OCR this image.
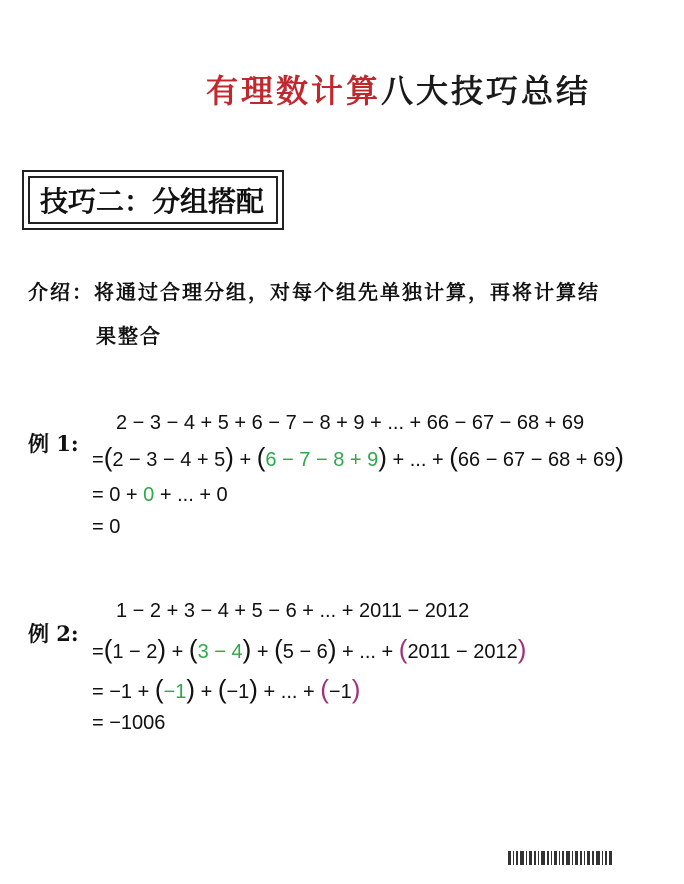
有理数计算八大技巧总结
技巧二：分组搭配
介绍：将通过合理分组，对每个组先单独计算，再将计算结
果整合
例 1:
2 − 3 − 4 + 5 + 6 − 7 − 8 + 9 + ... + 66 − 67 − 68 + 69
=(2 − 3 − 4 + 5) + (6 − 7 − 8 + 9) + ... + (66 − 67 − 68 + 69)
= 0 + 0 + ... + 0
= 0
例 2:
1 − 2 + 3 − 4 + 5 − 6 + ... + 2011 − 2012
=(1 − 2) + (3 − 4) + (5 − 6) + ... + (2011 − 2012)
= −1 + (−1) + (−1) + ... + (−1)
= −1006
